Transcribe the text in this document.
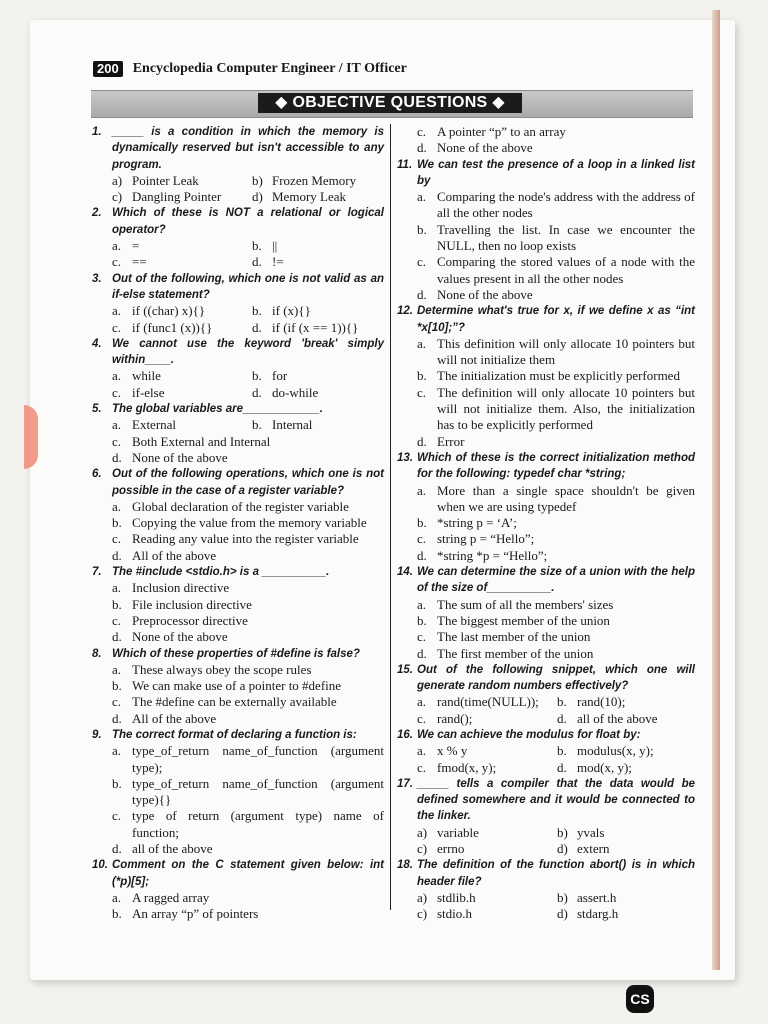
200 Encyclopedia Computer Engineer / IT Officer
◆ OBJECTIVE QUESTIONS ◆
1. _____ is a condition in which the memory is dynamically reserved but isn't accessible to any program.
a) Pointer Leak	b) Frozen Memory
c) Dangling Pointer	d) Memory Leak
2. Which of these is NOT a relational or logical operator?
a. =	b. ||
c. ==	d. !=
3. Out of the following, which one is not valid as an if-else statement?
a. if ((char) x){}	b. if (x){}
c. if (func1 (x)){}	d. if (if (x == 1)){}
4. We cannot use the keyword 'break' simply within____.
a. while	b. for
c. if-else	d. do-while
5. The global variables are____________.
a. External	b. Internal
c. Both External and Internal
d. None of the above
6. Out of the following operations, which one is not possible in the case of a register variable?
a. Global declaration of the register variable
b. Copying the value from the memory variable
c. Reading any value into the register variable
d. All of the above
7. The #include <stdio.h> is a __________.
a. Inclusion directive
b. File inclusion directive
c. Preprocessor directive
d. None of the above
8. Which of these properties of #define is false?
a. These always obey the scope rules
b. We can make use of a pointer to #define
c. The #define can be externally available
d. All of the above
9. The correct format of declaring a function is:
a. type_of_return name_of_function (argument type);
b. type_of_return name_of_function (argument type){}
c. type of return (argument type) name of function;
d. all of the above
10. Comment on the C statement given below: int (*p)[5];
a. A ragged array
b. An array “p” of pointers
c. A pointer “p” to an array
d. None of the above
11. We can test the presence of a loop in a linked list by
a. Comparing the node's address with the address of all the other nodes
b. Travelling the list. In case we encounter the NULL, then no loop exists
c. Comparing the stored values of a node with the values present in all the other nodes
d. None of the above
12. Determine what's true for x, if we define x as “int *x[10];”?
a. This definition will only allocate 10 pointers but will not initialize them
b. The initialization must be explicitly performed
c. The definition will only allocate 10 pointers but will not initialize them. Also, the initialization has to be explicitly performed
d. Error
13. Which of these is the correct initialization method for the following: typedef char *string;
a. More than a single space shouldn't be given when we are using typedef
b. *string p = ‘A’;
c. string p = “Hello”;
d. *string *p = “Hello”;
14. We can determine the size of a union with the help of the size of__________.
a. The sum of all the members' sizes
b. The biggest member of the union
c. The last member of the union
d. The first member of the union
15. Out of the following snippet, which one will generate random numbers effectively?
a. rand(time(NULL));	b. rand(10);
c. rand();	d. all of the above
16. We can achieve the modulus for float by:
a. x % y	b. modulus(x, y);
c. fmod(x, y);	d. mod(x, y);
17. _____ tells a compiler that the data would be defined somewhere and it would be connected to the linker.
a) variable	b) yvals
c) errno	d) extern
18. The definition of the function abort() is in which header file?
a) stdlib.h	b) assert.h
c) stdio.h	d) stdarg.h
CS
